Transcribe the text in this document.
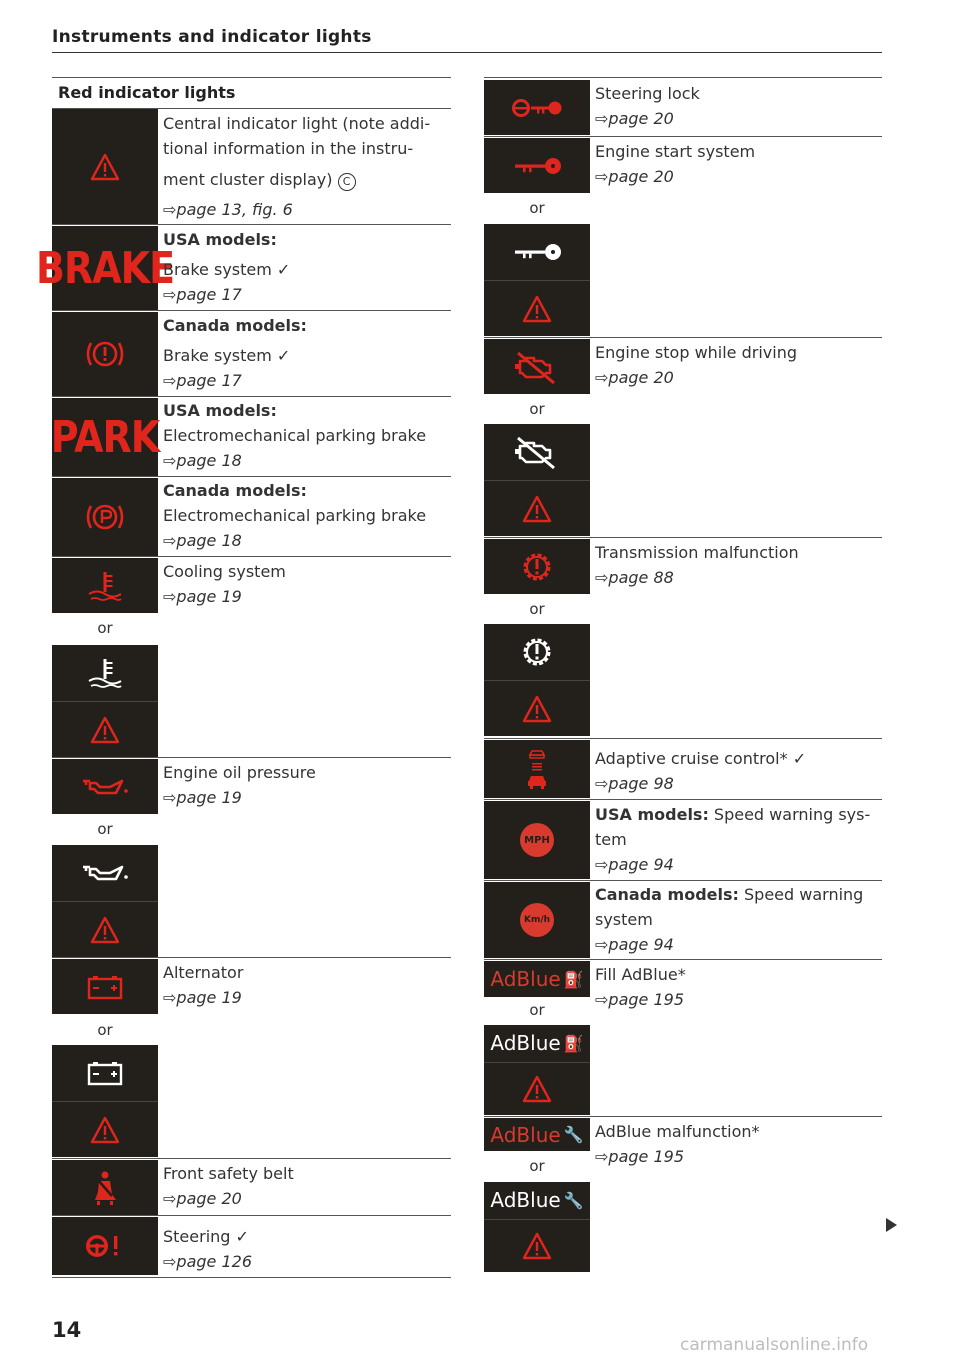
Instruments and indicator lights
Red indicator lights
Central indicator light (note addi-
tional information in the instru-
ment cluster display) C
⇨page 13, fig. 6
BRAKE
USA models:
Brake system ✓
⇨page 17
Canada models:
Brake system ✓
⇨page 17
PARK
USA models:
Electromechanical parking brake
⇨page 18
Canada models:
Electromechanical parking brake
⇨page 18
Cooling system
⇨page 19
or
Engine oil pressure
⇨page 19
or
Alternator
⇨page 19
or
Front safety belt
⇨page 20
Steering ✓
⇨page 126
Steering lock
⇨page 20
Engine start system
⇨page 20
or
Engine stop while driving
⇨page 20
or
Transmission malfunction
⇨page 88
or
Adaptive cruise control* ✓
⇨page 98
MPH
USA models: Speed warning sys-
tem
⇨page 94
Km/h
Canada models: Speed warning
system
⇨page 94
AdBlue ⛽ Fill AdBlue*
⇨page 195
or
AdBlue ⛽
AdBlue 🔧 AdBlue malfunction*
⇨page 195
or
AdBlue 🔧
14
carmanualsonline.info
